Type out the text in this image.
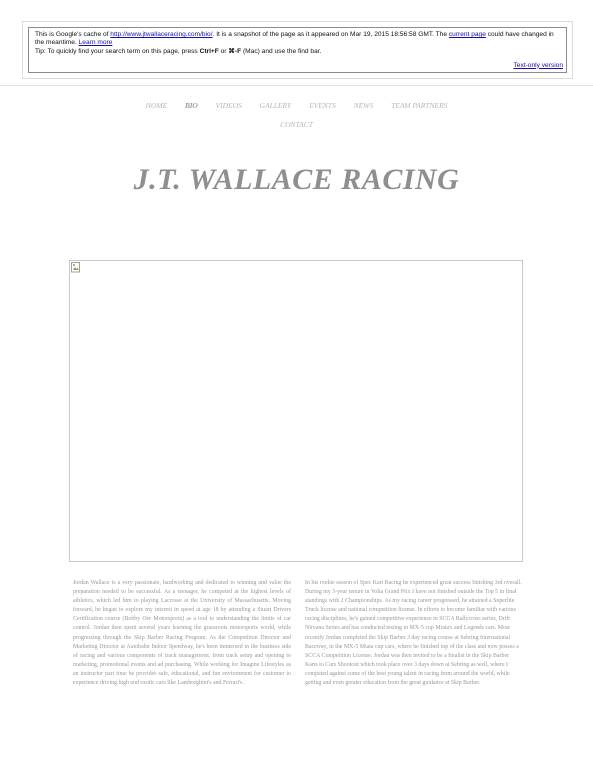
This is Google's cache of http://www.jtwallaceracing.com/bio/. It is a snapshot of the page as it appeared on Mar 19, 2015 18:56:58 GMT. The current page could have changed in the meantime. Learn more
Tip: To quickly find your search term on this page, press Ctrl+F or ⌘-F (Mac) and use the find bar.
Text-only version
HOME BIO VIDEOS GALLERY EVENTS NEWS TEAM PARTNERS
CONTACT
J.T. WALLACE RACING
Jordan Wallace is a very passionate, hardworking and dedicated to winning and value the preparation needed to be successful. As a teenager, he competed at the highest levels of athletics, which led him to playing Lacrosse at the University of Massachusetts. Moving forward, he began to explore my interest in speed at age 18 by attending a Stuart Drivers Certification course (Bobby Ore Motorsports) as a tool to understanding the limits of car control. Jordan then spent several years learning the grassroots motorsports world, while progressing through the Skip Barber Racing Program. As the Competition Director and Marketing Director at Autobahn Indoor Speedway, he's been immersed in the business side of racing and various components of track management, from track setup and opening to marketing, promotional events and ad purchasing. While working for Imagine Lifestyles as an instructor part time he provides safe, educational, and fun environment for customer to experience driving high end exotic cars like Lamborghini's and Ferrari's.
In his rookie season of Spec Kart Racing he experienced great success finishing 3rd overall. During my 3-year tenure in Volta Grand Prix I have not finished outside the Top 5 in final standings with 2 Championships. As my racing career progressed, he attained a Superlite Truck license and national competition license. In efforts to become familiar with various racing disciplines, he's gained competitive experience in SCCA Rallycross series, Drift Nirvana Series and has conducted testing in MX-5 cup Miata's and Legends cars. Most recently Jordan completed the Skip Barber 3 day racing course at Sebring International Raceway, in the MX-5 Miata cup cars, where he finished top of the class and now posses a SCCA Competition License. Jordan was then invited to be a finalist in the Skip Barber Karts to Cars Shootout which took place over 3 days down at Sebring as well, where I competed against some of the best young talent in racing from around the world, while getting and even greater education from the great guidance at Skip Barber.
